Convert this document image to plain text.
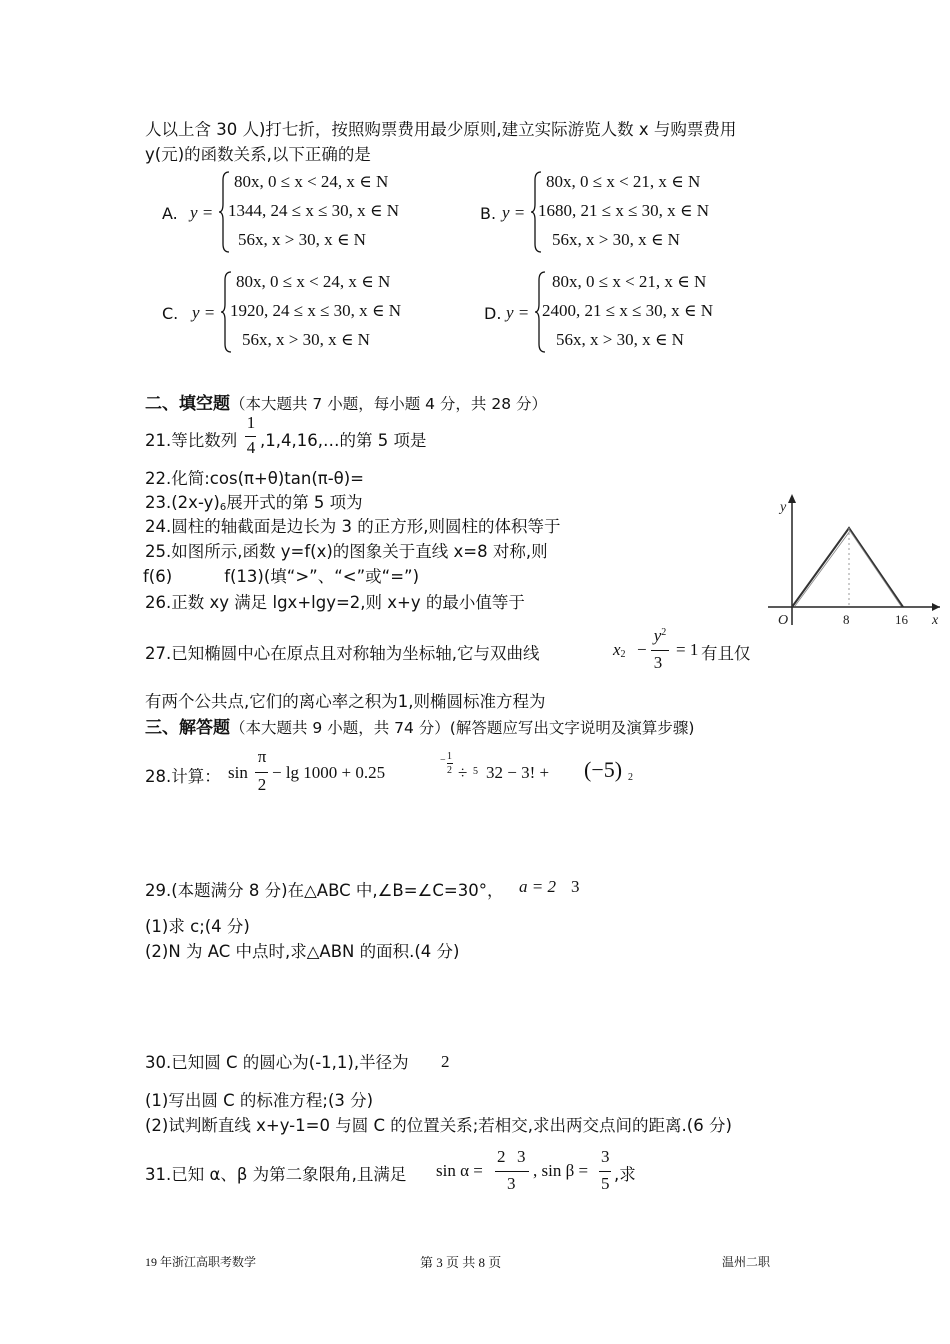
人以上含 30 人)打七折，按照购票费用最少原则,建立实际游览人数 x 与购票费用
y(元)的函数关系,以下正确的是
A. y =
80x, 0 ≤ x < 24, x ∈ N
1344, 24 ≤ x ≤ 30, x ∈ N
56x, x > 30, x ∈ N
B. y =
80x, 0 ≤ x < 21, x ∈ N
1680, 21 ≤ x ≤ 30, x ∈ N
56x, x > 30, x ∈ N
C. y =
80x, 0 ≤ x < 24, x ∈ N
1920, 24 ≤ x ≤ 30, x ∈ N
56x, x > 30, x ∈ N
D. y =
80x, 0 ≤ x < 21, x ∈ N
2400, 21 ≤ x ≤ 30, x ∈ N
56x, x > 30, x ∈ N
二、填空题（本大题共 7 小题，每小题 4 分，共 28 分）
21.等比数列
1
4 ,1,4,16,…的第 5 项是
22.化简:cos(π+θ)tan(π-θ)=
23.(2x-y)6展开式的第 5 项为
24.圆柱的轴截面是边长为 3 的正方形,则圆柱的体积等于
25.如图所示,函数 y=f(x)的图象关于直线 x=8 对称,则
f(6)	f(13)(填“>”、“<”或“=”)
26.正数 xy 满足 lgx+lgy=2,则 x+y 的最小值等于
y
x
O	8	16
27.已知椭圆中心在原点且对称轴为坐标轴,它与双曲线	x2 −
$y^2$
3
= 1 有且仅
有两个公共点,它们的离心率之积为1,则椭圆标准方程为
三、解答题（本大题共 9 小题，共 74 分）(解答题应写出文字说明及演算步骤)
28.计算： sin
π
2
− lg 1000 + 0.25
− 1
2 ÷ 5 32 − 3! + (−5) 2
29.(本题满分 8 分)在△ABC 中,∠B=∠C=30°， a = 2 3
(1)求 c;(4 分)
(2)N 为 AC 中点时,求△ABN 的面积.(4 分)
30.已知圆 C 的圆心为(-1,1),半径为 2
(1)写出圆 C 的标准方程;(3 分)
(2)试判断直线 x+y-1=0 与圆 C 的位置关系;若相交,求出两交点间的距离.(6 分)
31.已知 α、β 为第二象限角,且满足 sin α =
2 3
3
, sin β =
3
5 ,求
19 年浙江高职考数学	第 3 页 共 8 页	温州二职
